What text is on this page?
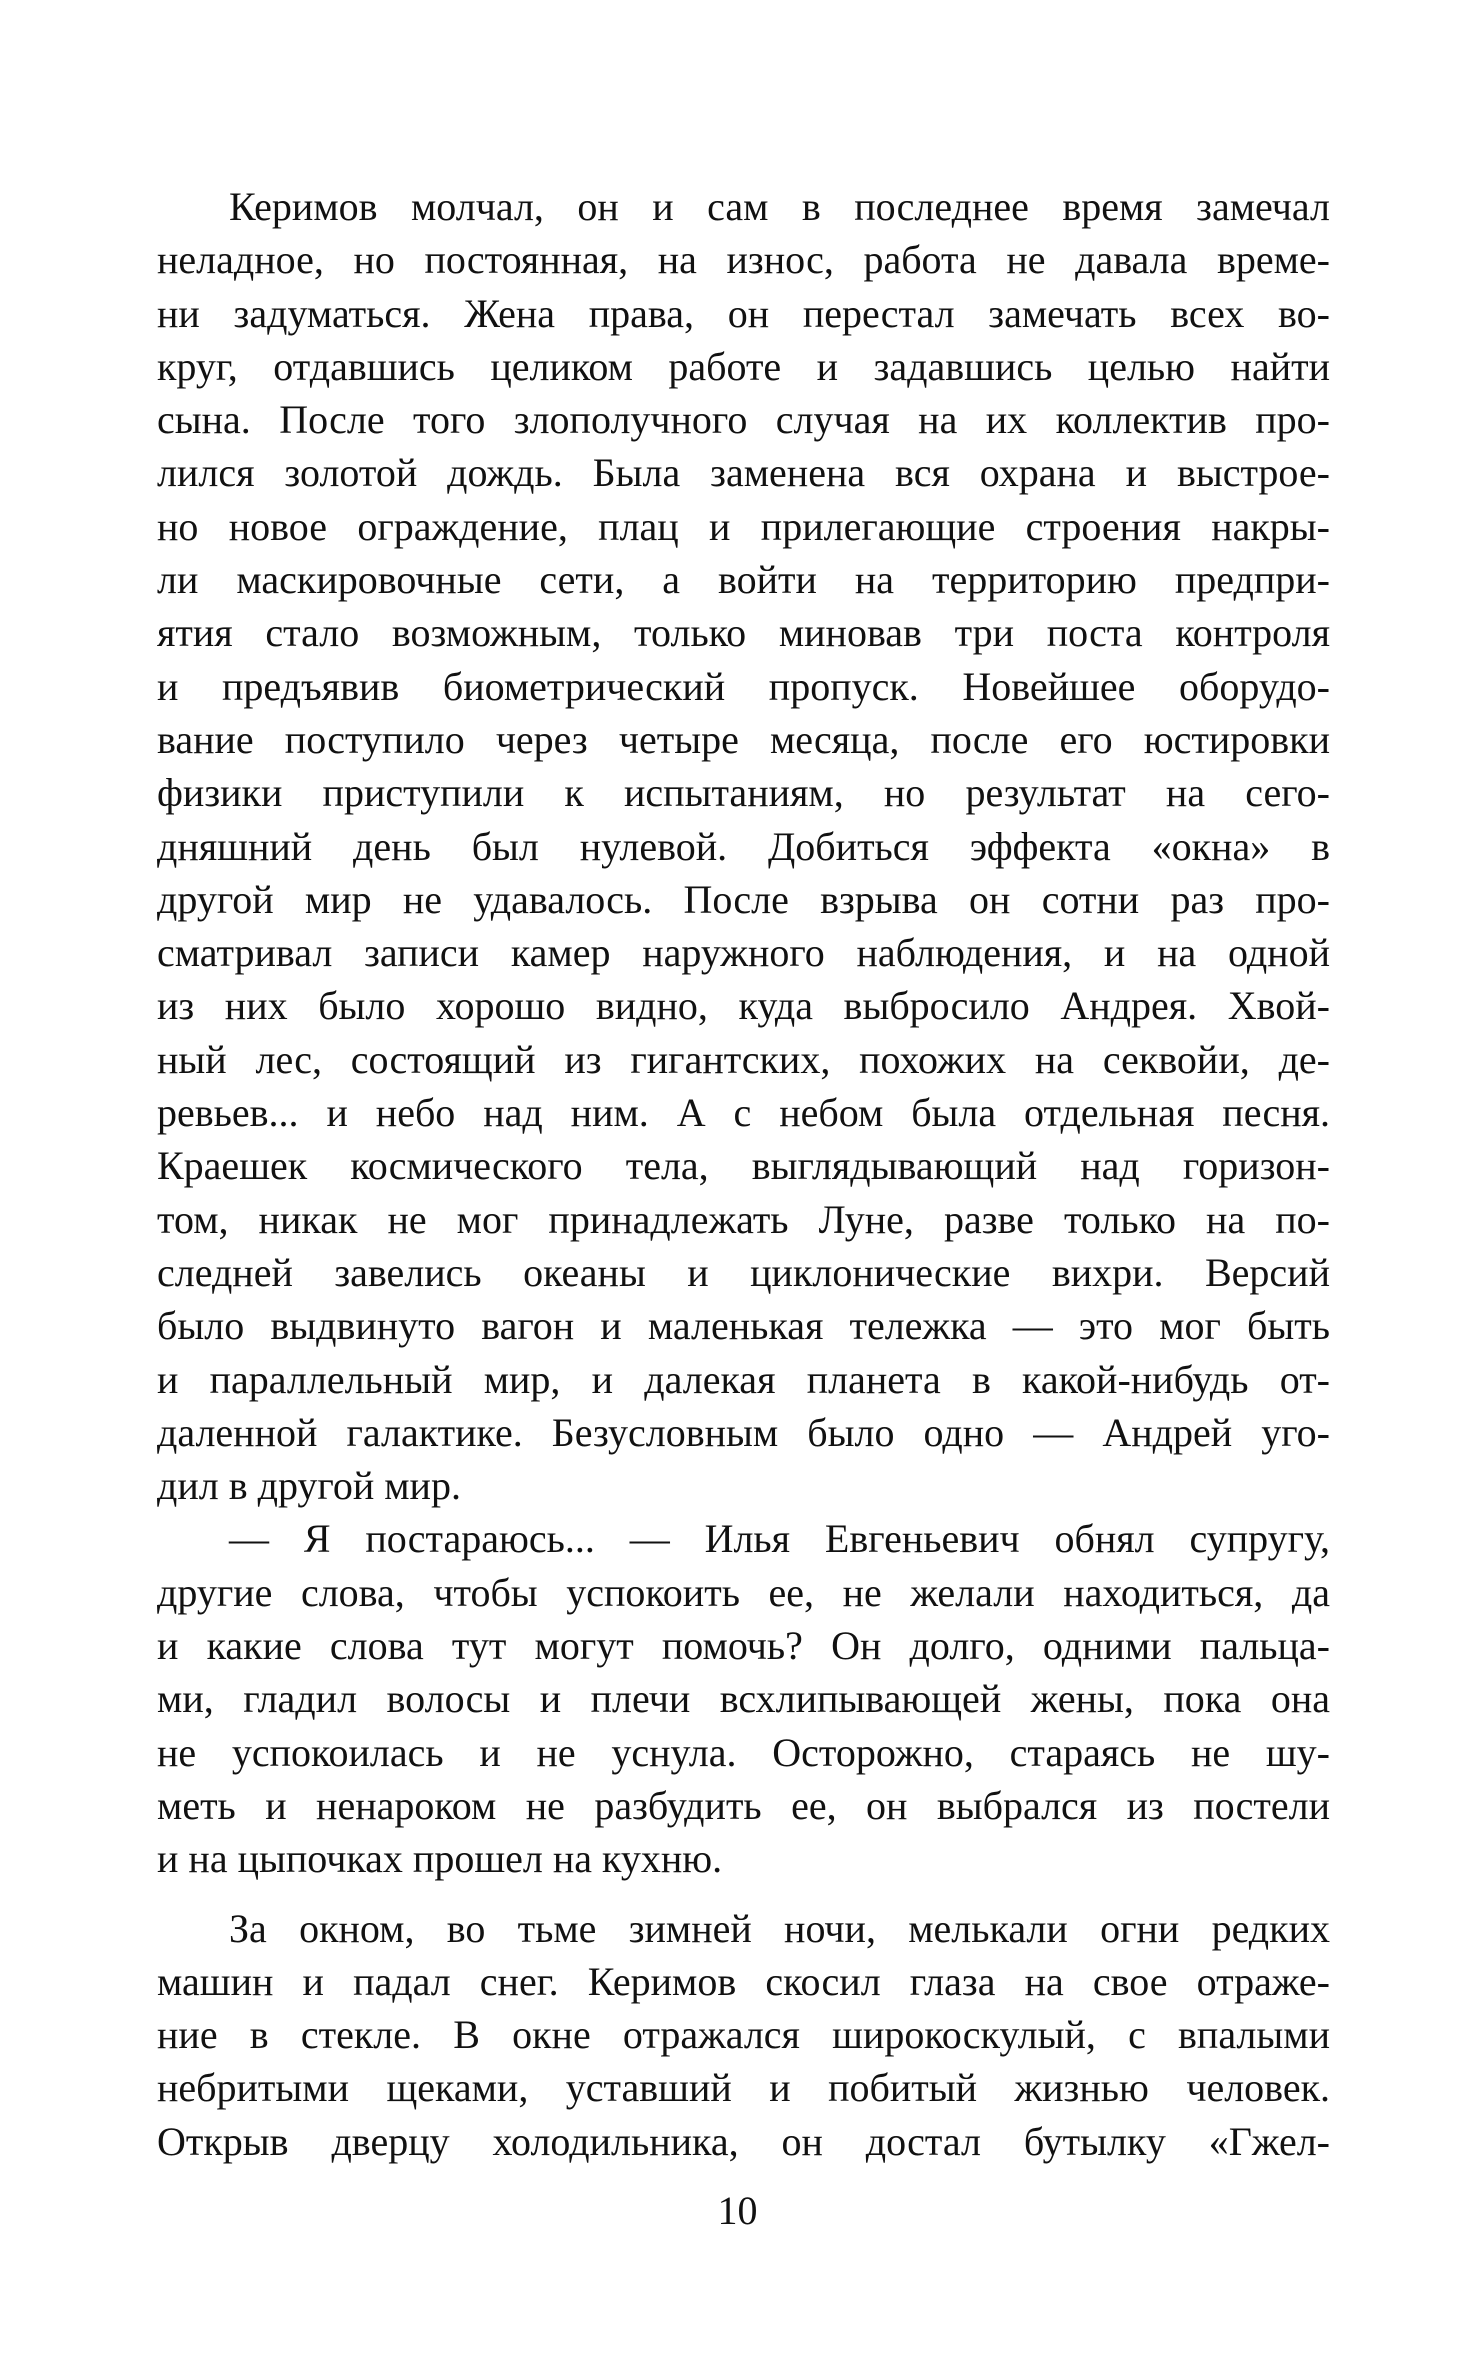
Керимов молчал, он и сам в последнее время замечал
неладное, но постоянная, на износ, работа не давала време-
ни задуматься. Жена права, он перестал замечать всех во-
круг, отдавшись целиком работе и задавшись целью найти
сына. После того злополучного случая на их коллектив про-
лился золотой дождь. Была заменена вся охрана и выстрое-
но новое ограждение, плац и прилегающие строения накры-
ли маскировочные сети, а войти на территорию предпри-
ятия стало возможным, только миновав три поста контроля
и предъявив биометрический пропуск. Новейшее оборудо-
вание поступило через четыре месяца, после его юстировки
физики приступили к испытаниям, но результат на сего-
дняшний день был нулевой. Добиться эффекта «окна» в
другой мир не удавалось. После взрыва он сотни раз про-
сматривал записи камер наружного наблюдения, и на одной
из них было хорошо видно, куда выбросило Андрея. Хвой-
ный лес, состоящий из гигантских, похожих на секвойи, де-
ревьев... и небо над ним. А с небом была отдельная песня.
Краешек космического тела, выглядывающий над горизон-
том, никак не мог принадлежать Луне, разве только на по-
следней завелись океаны и циклонические вихри. Версий
было выдвинуто вагон и маленькая тележка — это мог быть
и параллельный мир, и далекая планета в какой-нибудь от-
даленной галактике. Безусловным было одно — Андрей уго-
дил в другой мир.
— Я постараюсь... — Илья Евгеньевич обнял супругу,
другие слова, чтобы успокоить ее, не желали находиться, да
и какие слова тут могут помочь? Он долго, одними пальца-
ми, гладил волосы и плечи всхлипывающей жены, пока она
не успокоилась и не уснула. Осторожно, стараясь не шу-
меть и ненароком не разбудить ее, он выбрался из постели
и на цыпочках прошел на кухню.
За окном, во тьме зимней ночи, мелькали огни редких
машин и падал снег. Керимов скосил глаза на свое отраже-
ние в стекле. В окне отражался широкоскулый, с впалыми
небритыми щеками, уставший и побитый жизнью человек.
Открыв дверцу холодильника, он достал бутылку «Гжел-
10
